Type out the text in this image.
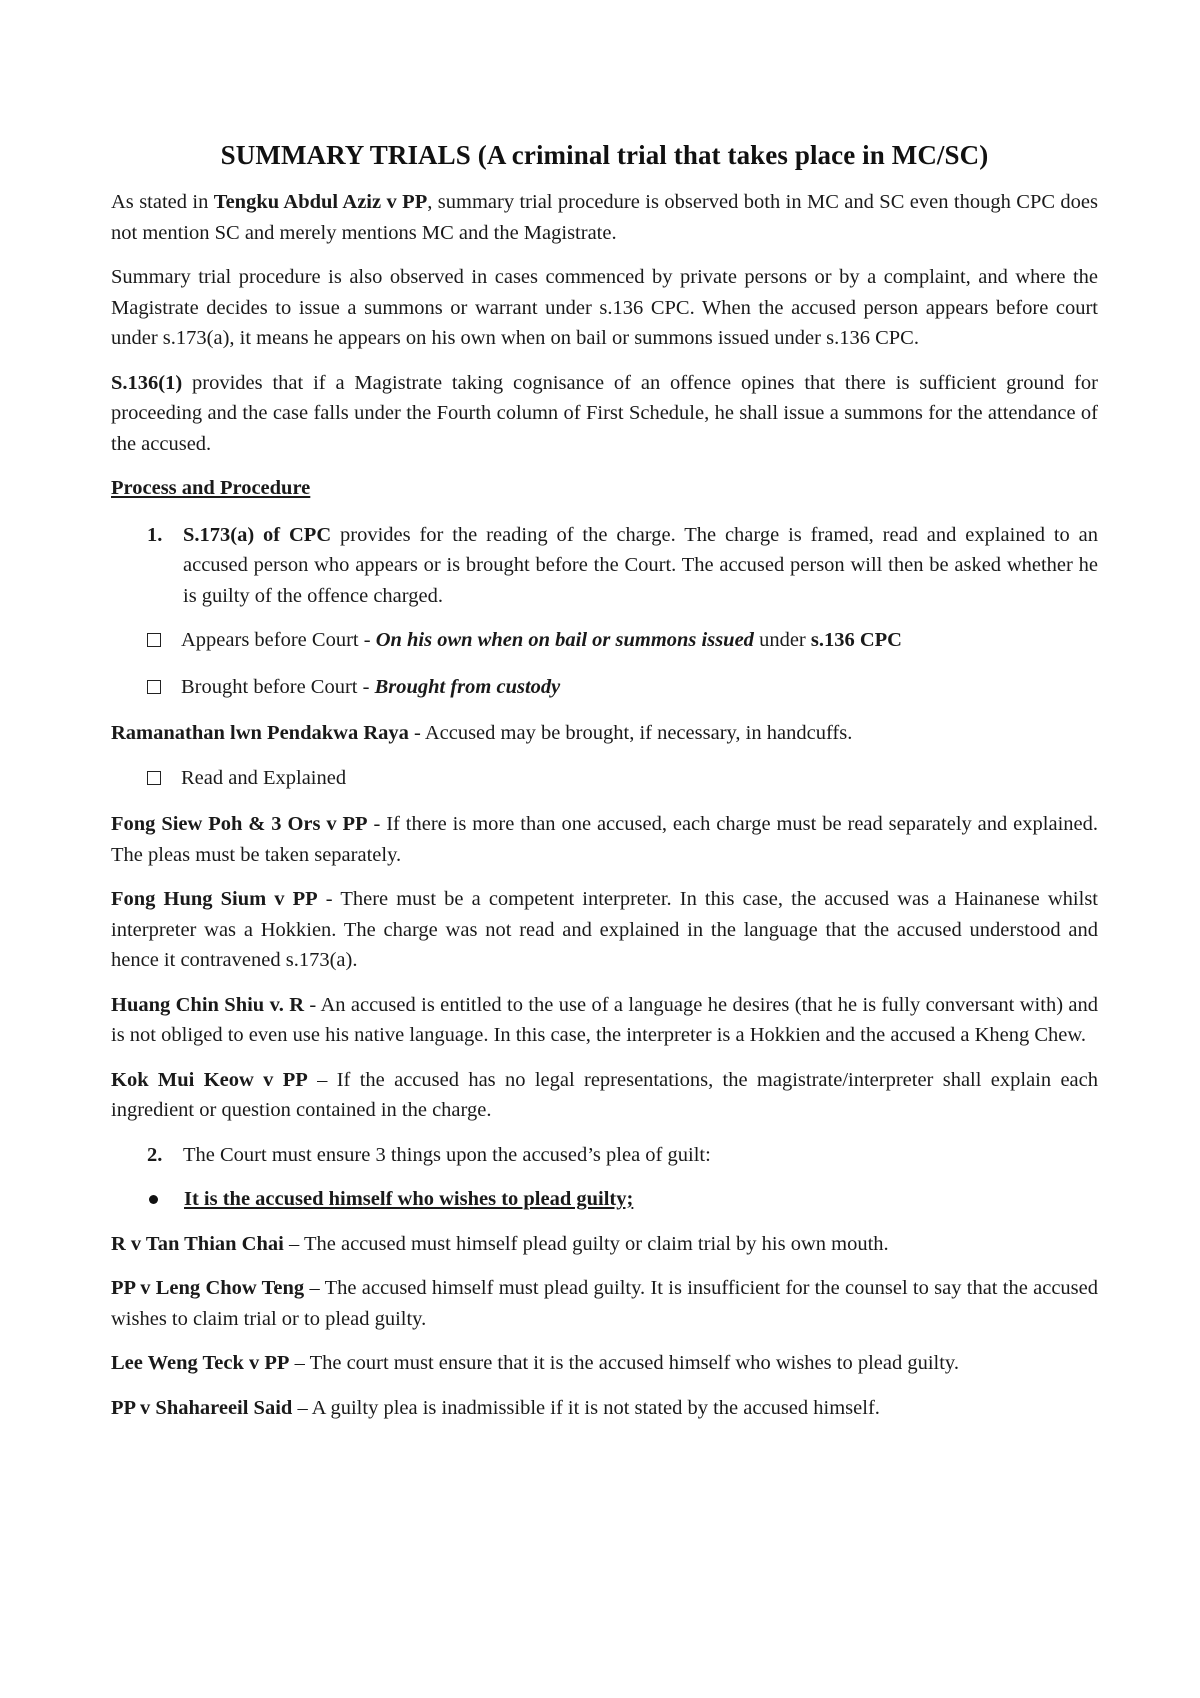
SUMMARY TRIALS (A criminal trial that takes place in MC/SC)

As stated in Tengku Abdul Aziz v PP, summary trial procedure is observed both in MC and SC even though CPC does not mention SC and merely mentions MC and the Magistrate.

Summary trial procedure is also observed in cases commenced by private persons or by a complaint, and where the Magistrate decides to issue a summons or warrant under s.136 CPC. When the accused person appears before court under s.173(a), it means he appears on his own when on bail or summons issued under s.136 CPC.

S.136(1) provides that if a Magistrate taking cognisance of an offence opines that there is sufficient ground for proceeding and the case falls under the Fourth column of First Schedule, he shall issue a summons for the attendance of the accused.

Process and Procedure

1.	S.173(a) of CPC provides for the reading of the charge. The charge is framed, read and explained to an accused person who appears or is brought before the Court. The accused person will then be asked whether he is guilty of the offence charged.
Appears before Court - On his own when on bail or summons issued under s.136 CPC
Brought before Court - Brought from custody

Ramanathan lwn Pendakwa Raya - Accused may be brought, if necessary, in handcuffs.

Read and Explained

Fong Siew Poh & 3 Ors v PP - If there is more than one accused, each charge must be read separately and explained. The pleas must be taken separately.

Fong Hung Sium v PP - There must be a competent interpreter. In this case, the accused was a Hainanese whilst interpreter was a Hokkien. The charge was not read and explained in the language that the accused understood and hence it contravened s.173(a).

Huang Chin Shiu v. R - An accused is entitled to the use of a language he desires (that he is fully conversant with) and is not obliged to even use his native language. In this case, the interpreter is a Hokkien and the accused a Kheng Chew.

Kok Mui Keow v PP – If the accused has no legal representations, the magistrate/interpreter shall explain each ingredient or question contained in the charge.

2.	The Court must ensure 3 things upon the accused’s plea of guilt:
It is the accused himself who wishes to plead guilty;

R v Tan Thian Chai – The accused must himself plead guilty or claim trial by his own mouth.

PP v Leng Chow Teng – The accused himself must plead guilty. It is insufficient for the counsel to say that the accused wishes to claim trial or to plead guilty.

Lee Weng Teck v PP – The court must ensure that it is the accused himself who wishes to plead guilty.

PP v Shahareeil Said – A guilty plea is inadmissible if it is not stated by the accused himself.
